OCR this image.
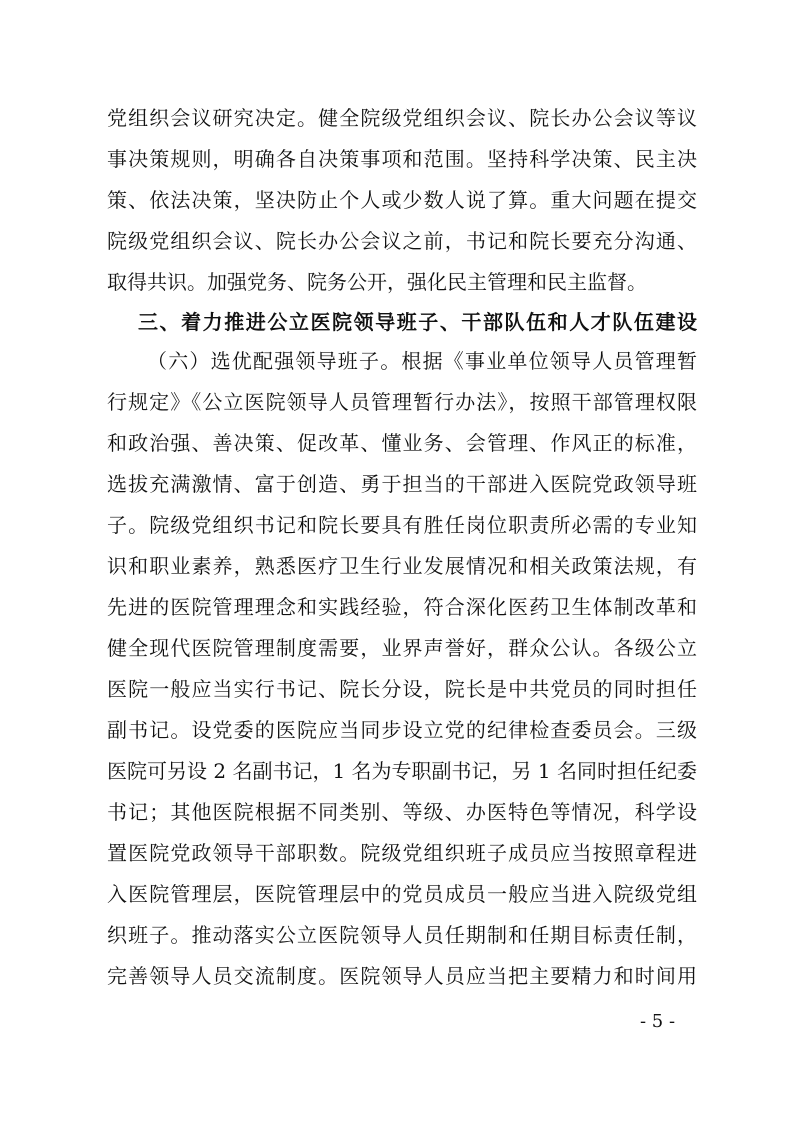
党组织会议研究决定。健全院级党组织会议、院长办公会议等议
事决策规则，明确各自决策事项和范围。坚持科学决策、民主决
策、依法决策，坚决防止个人或少数人说了算。重大问题在提交
院级党组织会议、院长办公会议之前，书记和院长要充分沟通、
取得共识。加强党务、院务公开，强化民主管理和民主监督。
三、着力推进公立医院领导班子、干部队伍和人才队伍建设
（六）选优配强领导班子。根据《事业单位领导人员管理暂
行规定》《公立医院领导人员管理暂行办法》，按照干部管理权限
和政治强、善决策、促改革、懂业务、会管理、作风正的标准，
选拔充满激情、富于创造、勇于担当的干部进入医院党政领导班
子。院级党组织书记和院长要具有胜任岗位职责所必需的专业知
识和职业素养，熟悉医疗卫生行业发展情况和相关政策法规，有
先进的医院管理理念和实践经验，符合深化医药卫生体制改革和
健全现代医院管理制度需要，业界声誉好，群众公认。各级公立
医院一般应当实行书记、院长分设，院长是中共党员的同时担任
副书记。设党委的医院应当同步设立党的纪律检查委员会。三级
医院可另设 2 名副书记，1 名为专职副书记，另 1 名同时担任纪委
书记；其他医院根据不同类别、等级、办医特色等情况，科学设
置医院党政领导干部职数。院级党组织班子成员应当按照章程进
入医院管理层，医院管理层中的党员成员一般应当进入院级党组
织班子。推动落实公立医院领导人员任期制和任期目标责任制，
完善领导人员交流制度。医院领导人员应当把主要精力和时间用
- 5 -
